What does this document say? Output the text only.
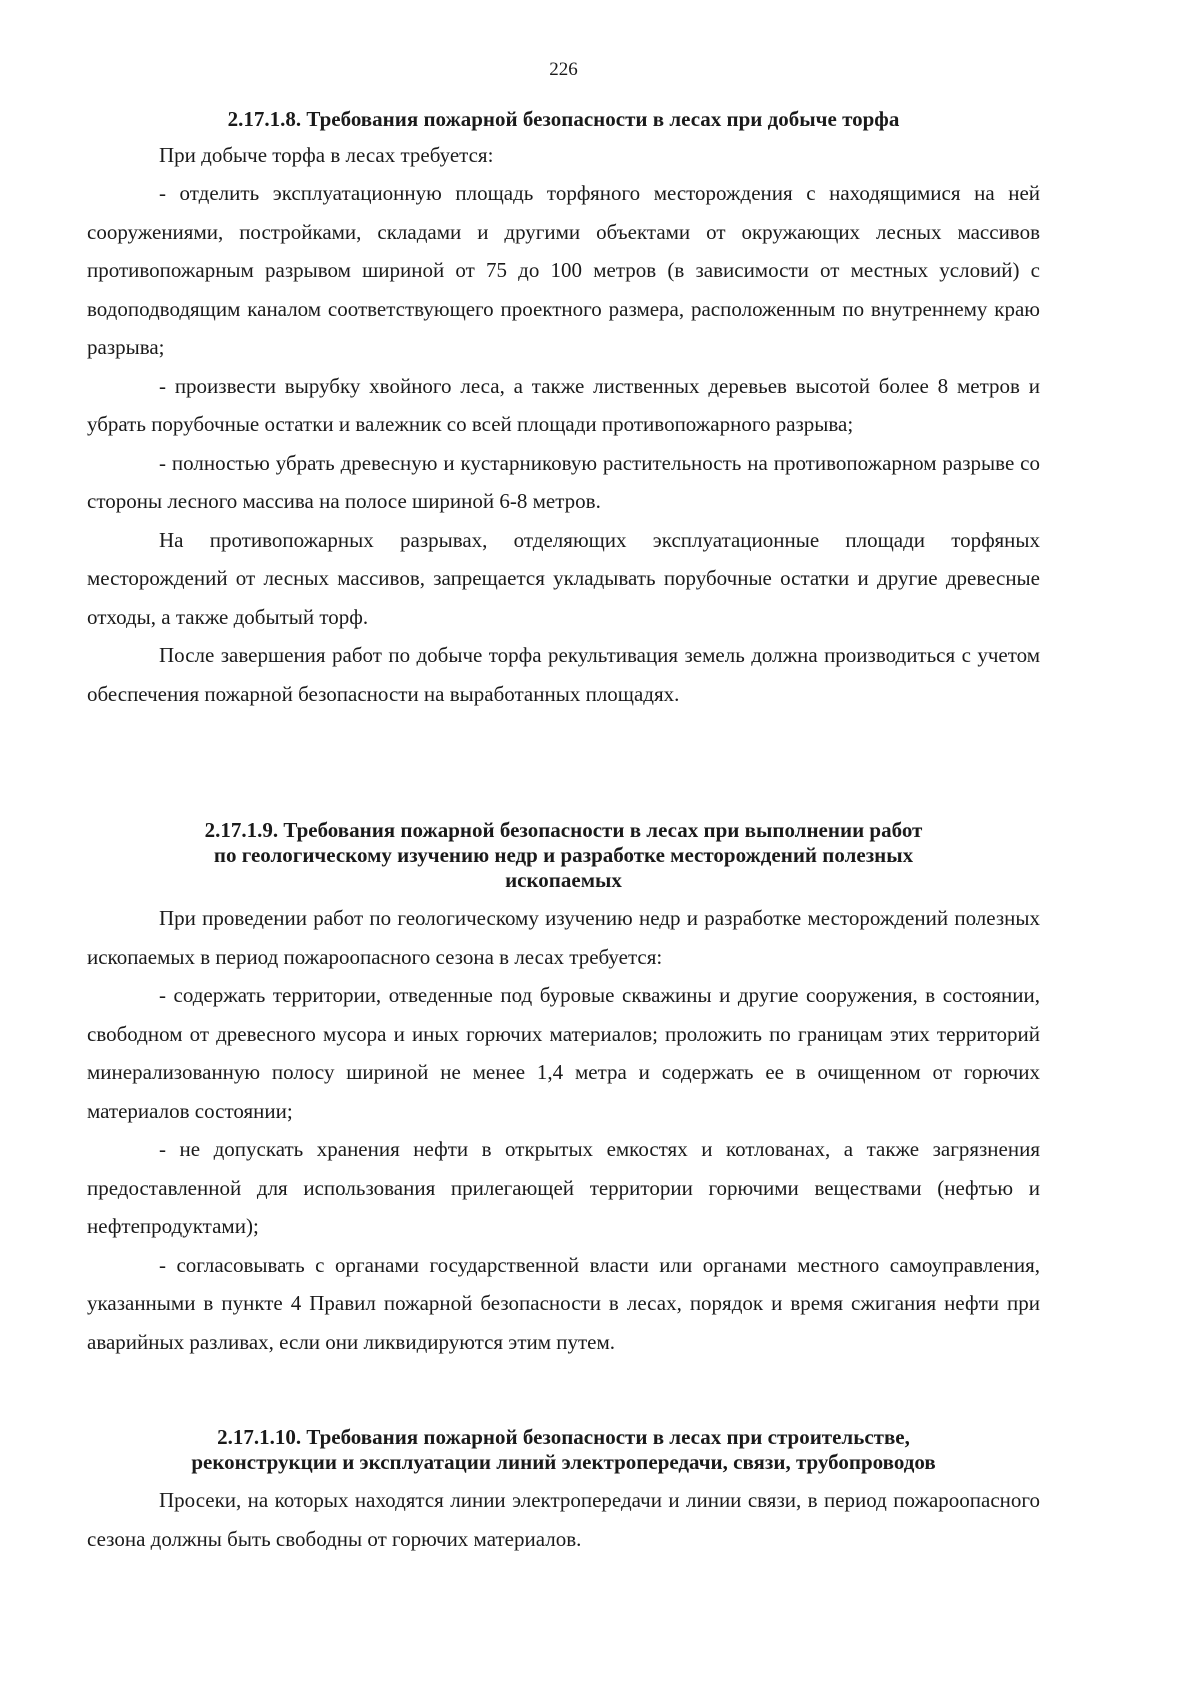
226
2.17.1.8. Требования пожарной безопасности в лесах при добыче торфа

При добыче торфа в лесах требуется:

- отделить эксплуатационную площадь торфяного месторождения с находящимися на ней сооружениями, постройками, складами и другими объектами от окружающих лесных массивов противопожарным разрывом шириной от 75 до 100 метров (в зависимости от местных условий) с водоподводящим каналом соответствующего проектного размера, расположенным по внутреннему краю разрыва;

- произвести вырубку хвойного леса, а также лиственных деревьев высотой более 8 метров и убрать порубочные остатки и валежник со всей площади противопожарного разрыва;

- полностью убрать древесную и кустарниковую растительность на противопожарном разрыве со стороны лесного массива на полосе шириной 6-8 метров.

На противопожарных разрывах, отделяющих эксплуатационные площади торфяных месторождений от лесных массивов, запрещается укладывать порубочные остатки и другие древесные отходы, а также добытый торф.

После завершения работ по добыче торфа рекультивация земель должна производиться с учетом обеспечения пожарной безопасности на выработанных площадях.

2.17.1.9. Требования пожарной безопасности в лесах при выполнении работ
по геологическому изучению недр и разработке месторождений полезных
ископаемых

При проведении работ по геологическому изучению недр и разработке месторождений полезных ископаемых в период пожароопасного сезона в лесах требуется:

- содержать территории, отведенные под буровые скважины и другие сооружения, в состоянии, свободном от древесного мусора и иных горючих материалов; проложить по границам этих территорий минерализованную полосу шириной не менее 1,4 метра и содержать ее в очищенном от горючих материалов состоянии;

- не допускать хранения нефти в открытых емкостях и котлованах, а также загрязнения предоставленной для использования прилегающей территории горючими веществами (нефтью и нефтепродуктами);

- согласовывать с органами государственной власти или органами местного самоуправления, указанными в пункте 4 Правил пожарной безопасности в лесах, порядок и время сжигания нефти при аварийных разливах, если они ликвидируются этим путем.

2.17.1.10. Требования пожарной безопасности в лесах при строительстве,
реконструкции и эксплуатации линий электропередачи, связи, трубопроводов

Просеки, на которых находятся линии электропередачи и линии связи, в период пожароопасного сезона должны быть свободны от горючих материалов.
